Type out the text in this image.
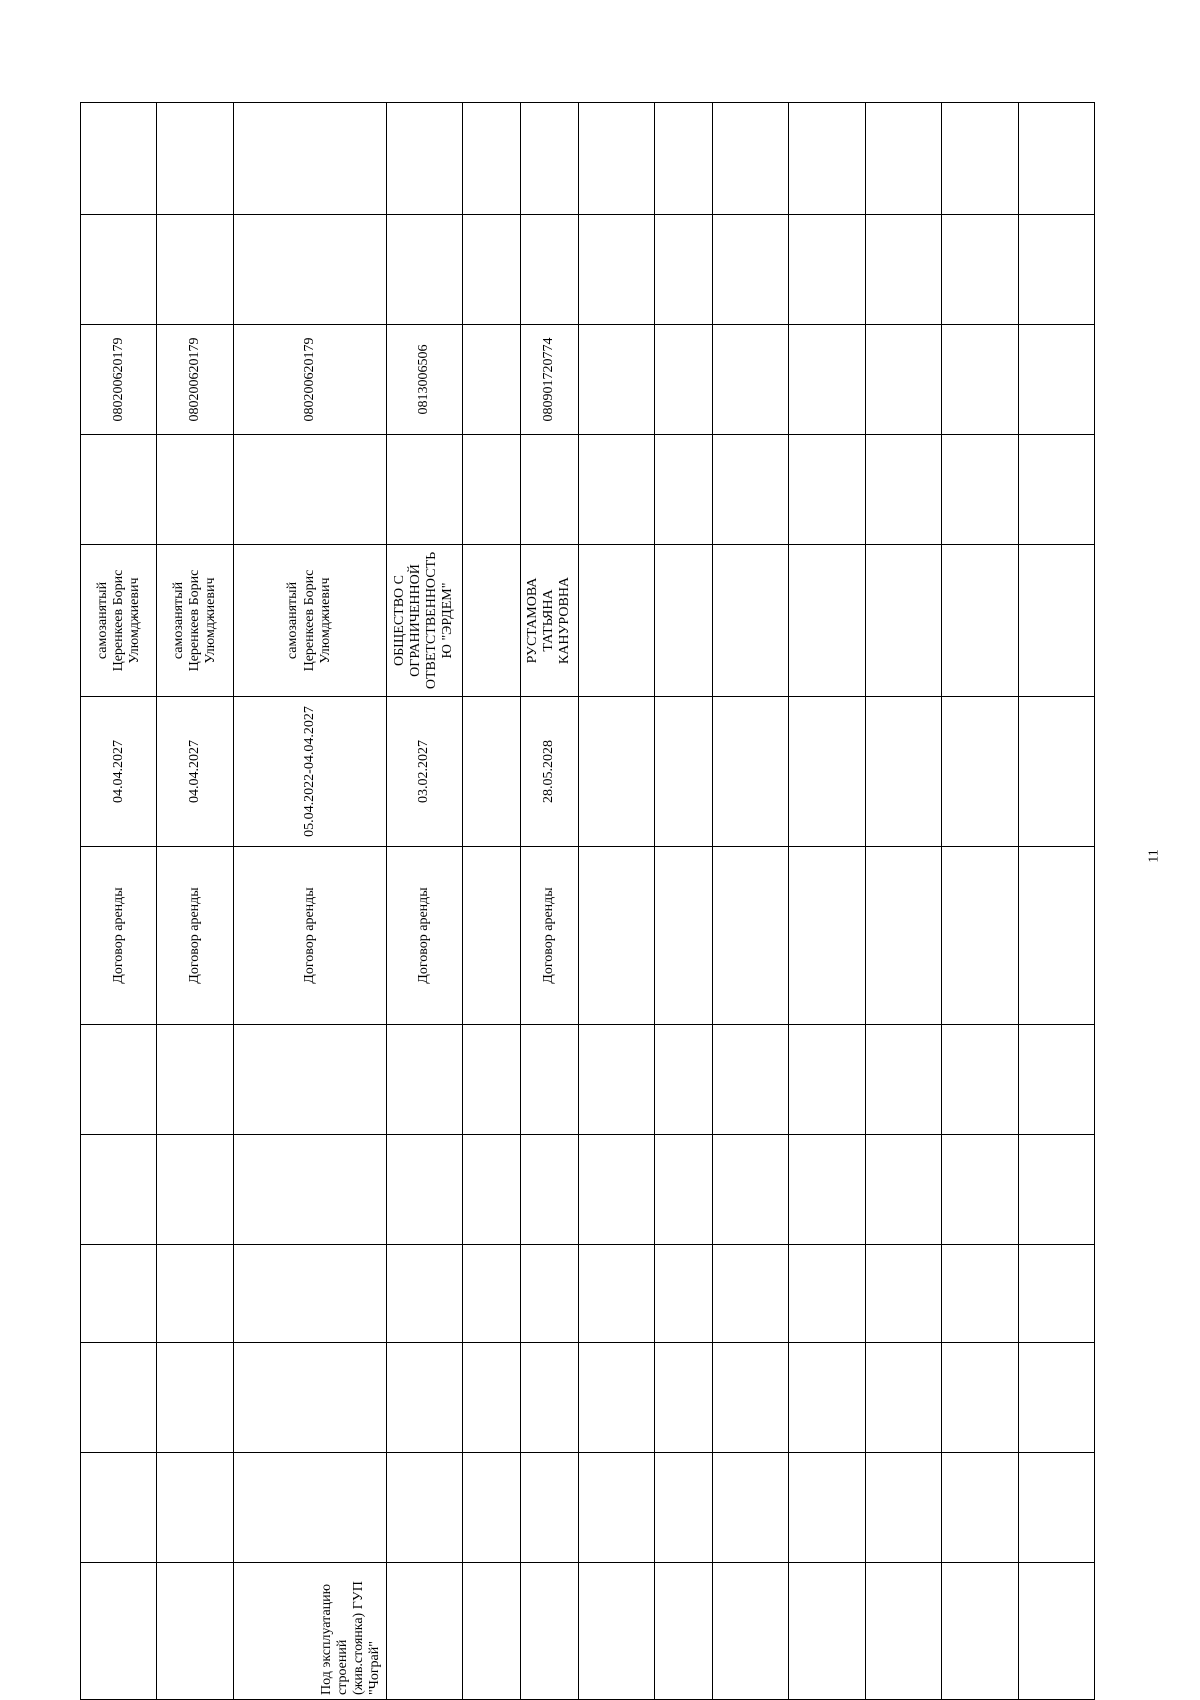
						Договор аренды	04.04.2027	самозанятый Церенкеев Борис Улюмджиевич		080200620179		
						Договор аренды	04.04.2027	самозанятый Церенкеев Борис Улюмджиевич		080200620179		
Под эксплуатацию строений (жив.стоянка) ГУП "Чограй"						Договор аренды	05.04.2022-04.04.2027	самозанятый Церенкеев Борис Улюмджиевич		080200620179		
						Договор аренды	03.02.2027	ОБЩЕСТВО С ОГРАНИЧЕННОЙ ОТВЕТСТВЕННОСТЬЮ "ЭРДЕМ"		0813006506		

						Договор аренды	28.05.2028	РУСТАМОВА ТАТЬЯНА КАНУРОВНА		080901720774		

11
